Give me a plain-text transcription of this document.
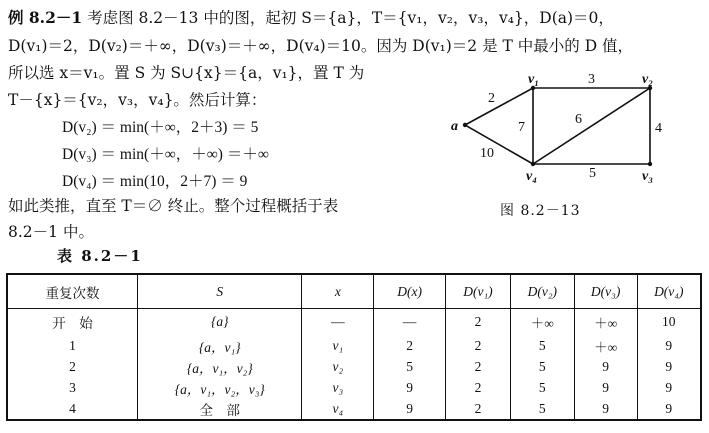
例 8.2－1 考虑图 8.2－13 中的图，起初 S＝{a}，T＝{v₁，v₂，v₃，v₄}，D(a)＝0，
D(v₁)＝2，D(v₂)＝＋∞，D(v₃)＝＋∞，D(v₄)＝10。因为 D(v₁)＝2 是 T 中最小的 D 值，
所以选 x＝v₁。置 S 为 S∪{x}＝{a，v₁}，置 T 为
T－{x}＝{v₂，v₃，v₄}。然后计算：
D(v₂) ＝ min(＋∞，2＋3) ＝ 5
D(v₃) ＝ min(＋∞，＋∞) ＝＋∞
D(v₄) ＝ min(10，2＋7) ＝ 9
如此类推，直至 T＝∅ 终止。整个过程概括于表
8.2－1 中。
a
v₁	v₂
v₃
v₄
2
10
3
7
6
4
5
图 8.2－13
表 8.2－1
重复次数	S	x	D(x)	D(v₁)	D(v₂)	D(v₃)	D(v₄)
开　始	{a}	—	—	2	＋∞	＋∞	10
1	{a，v₁}	v₁	2	2	5	＋∞	9
2	{a，v₁，v₂}	v₂	5	2	5	9	9
3	{a，v₁，v₂，v₃}	v₃	9	2	5	9	9
4	全　部	v₄	9	2	5	9	9
